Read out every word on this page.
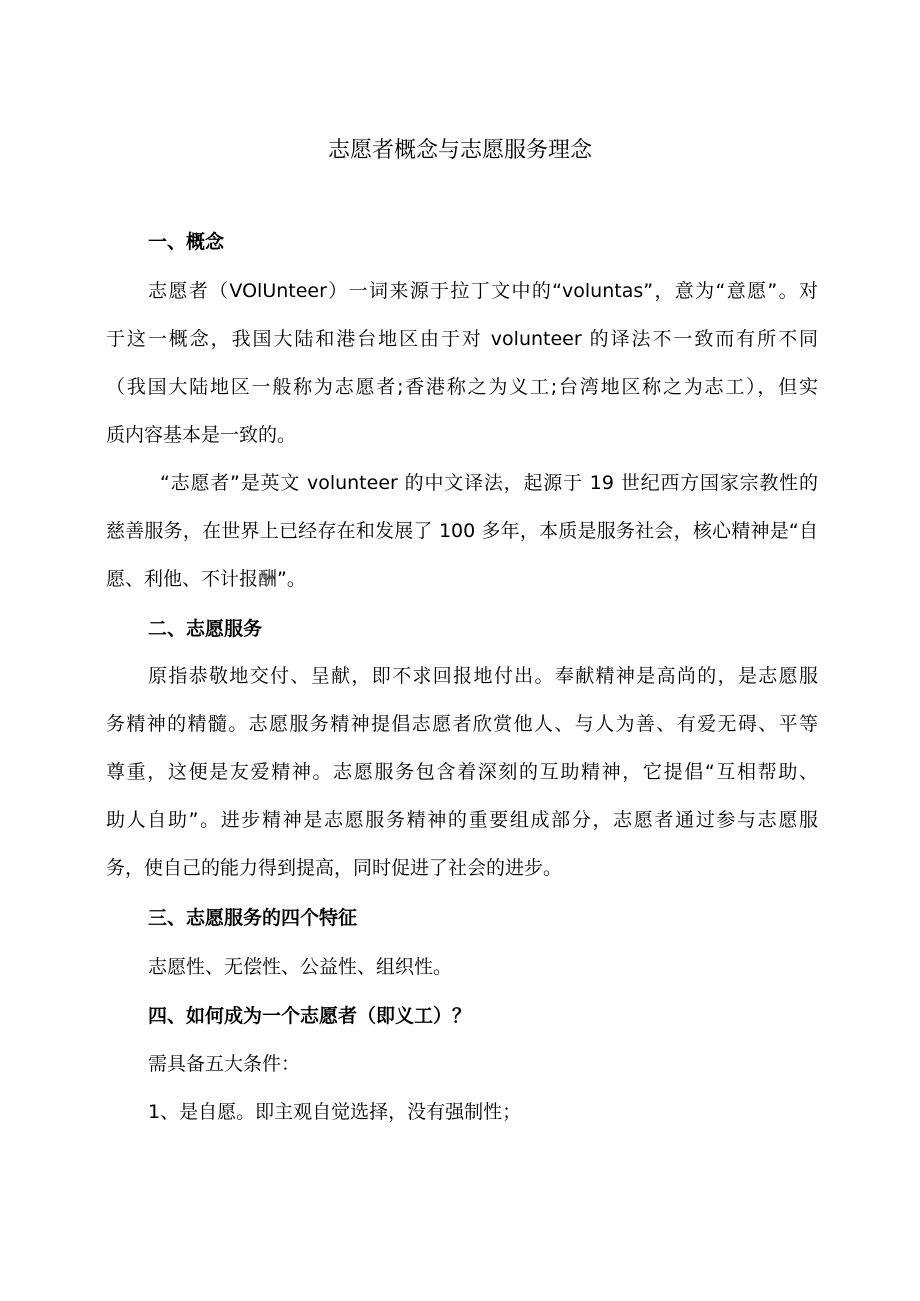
志愿者概念与志愿服务理念
一、概念
志愿者（VOlUnteer）一词来源于拉丁文中的“voluntas”，意为“意愿”。对
于这一概念，我国大陆和港台地区由于对 volunteer 的译法不一致而有所不同
（我国大陆地区一般称为志愿者;香港称之为义工;台湾地区称之为志工），但实
质内容基本是一致的。
“志愿者”是英文 volunteer 的中文译法，起源于 19 世纪西方国家宗教性的
慈善服务，在世界上已经存在和发展了 100 多年，本质是服务社会，核心精神是“自
愿、利他、不计报酬”。
二、志愿服务
原指恭敬地交付、呈献，即不求回报地付出。奉献精神是高尚的，是志愿服
务精神的精髓。志愿服务精神提倡志愿者欣赏他人、与人为善、有爱无碍、平等
尊重，这便是友爱精神。志愿服务包含着深刻的互助精神，它提倡“互相帮助、
助人自助”。进步精神是志愿服务精神的重要组成部分，志愿者通过参与志愿服
务，使自己的能力得到提高，同时促进了社会的进步。
三、志愿服务的四个特征
志愿性、无偿性、公益性、组织性。
四、如何成为一个志愿者（即义工）？
需具备五大条件：
1、是自愿。即主观自觉选择，没有强制性；
